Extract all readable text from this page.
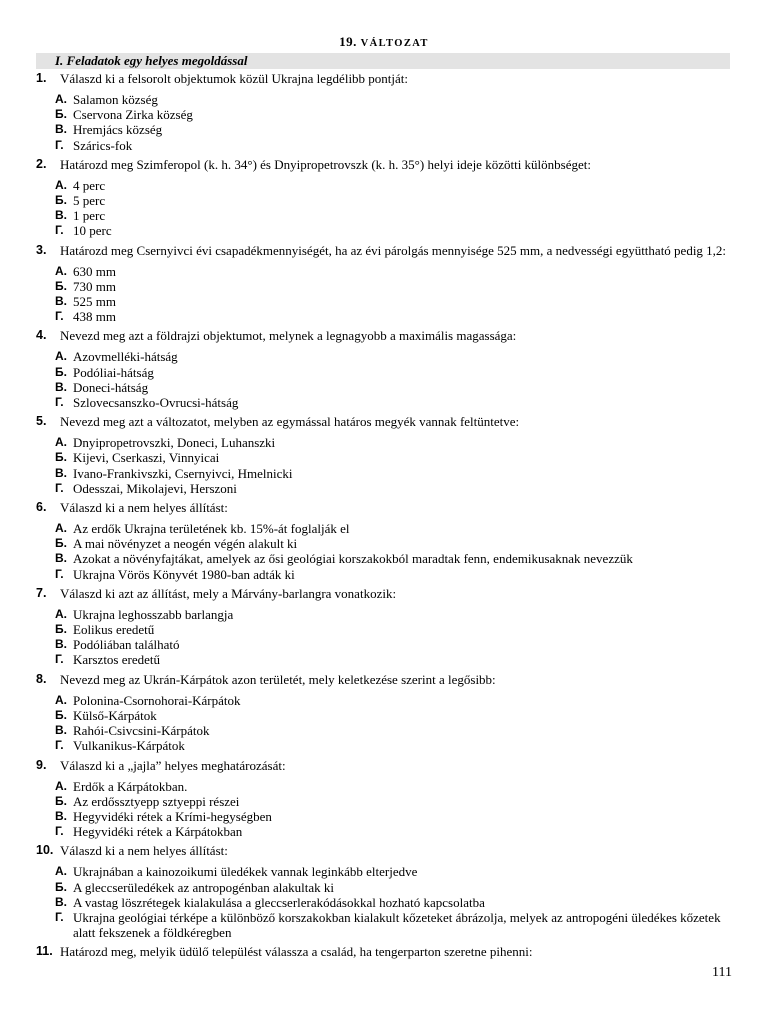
19. VÁLTOZAT
I. Feladatok egy helyes megoldással
1.	Válaszd ki a felsorolt objektumok közül Ukrajna legdélibb pontját:
А. Salamon község
Б. Cservona Zirka község
В. Hremjács község
Г. Szárics-fok
2.	Határozd meg Szimferopol (k. h. 34°) és Dnyipropetrovszk (k. h. 35°) helyi ideje közötti különbséget:
А. 4 perc
Б. 5 perc
В. 1 perc
Г. 10 perc
3.	Határozd meg Csernyivci évi csapadékmennyiségét, ha az évi párolgás mennyisége 525 mm, a nedvességi együttható pedig 1,2:
А. 630 mm
Б. 730 mm
В. 525 mm
Г. 438 mm
4.	Nevezd meg azt a földrajzi objektumot, melynek a legnagyobb a maximális magassága:
А. Azovmelléki-hátság
Б. Podóliai-hátság
В. Doneci-hátság
Г. Szlovecsanszko-Ovrucsi-hátság
5.	Nevezd meg azt a változatot, melyben az egymással határos megyék vannak feltüntetve:
А. Dnyipropetrovszki, Doneci, Luhanszki
Б. Kijevi, Cserkaszi, Vinnyicai
В. Ivano-Frankivszki, Csernyivci, Hmelnicki
Г. Odesszai, Mikolajevi, Herszoni
6.	Válaszd ki a nem helyes állítást:
А. Az erdők Ukrajna területének kb. 15%-át foglalják el
Б. A mai növényzet a neogén végén alakult ki
В. Azokat a növényfajtákat, amelyek az ősi geológiai korszakokból maradtak fenn, endemikusaknak nevezzük
Г. Ukrajna Vörös Könyvét 1980-ban adták ki
7.	Válaszd ki azt az állítást, mely a Márvány-barlangra vonatkozik:
А. Ukrajna leghosszabb barlangja
Б. Eolikus eredetű
В. Podóliában található
Г. Karsztos eredetű
8.	Nevezd meg az Ukrán-Kárpátok azon területét, mely keletkezése szerint a legősibb:
А. Polonina-Csornohorai-Kárpátok
Б. Külső-Kárpátok
В. Rahói-Csivcsini-Kárpátok
Г. Vulkanikus-Kárpátok
9.	Válaszd ki a „jajla” helyes meghatározását:
А. Erdők a Kárpátokban.
Б. Az erdőssztyepp sztyeppi részei
В. Hegyvidéki rétek a Krími-hegységben
Г. Hegyvidéki rétek a Kárpátokban
10. Válaszd ki a nem helyes állítást:
А. Ukrajnában a kainozoikumi üledékek vannak leginkább elterjedve
Б. A gleccserüledékek az antropogénban alakultak ki
В. A vastag löszrétegek kialakulása a gleccserlerakódásokkal hozható kapcsolatba
Г. Ukrajna geológiai térképe a különböző korszakokban kialakult kőzeteket ábrázolja, melyek az antropogéni üledékes kőzetek alatt fekszenek a földkéregben
11. Határozd meg, melyik üdülő települést válassza a család, ha tengerparton szeretne pihenni:
111
